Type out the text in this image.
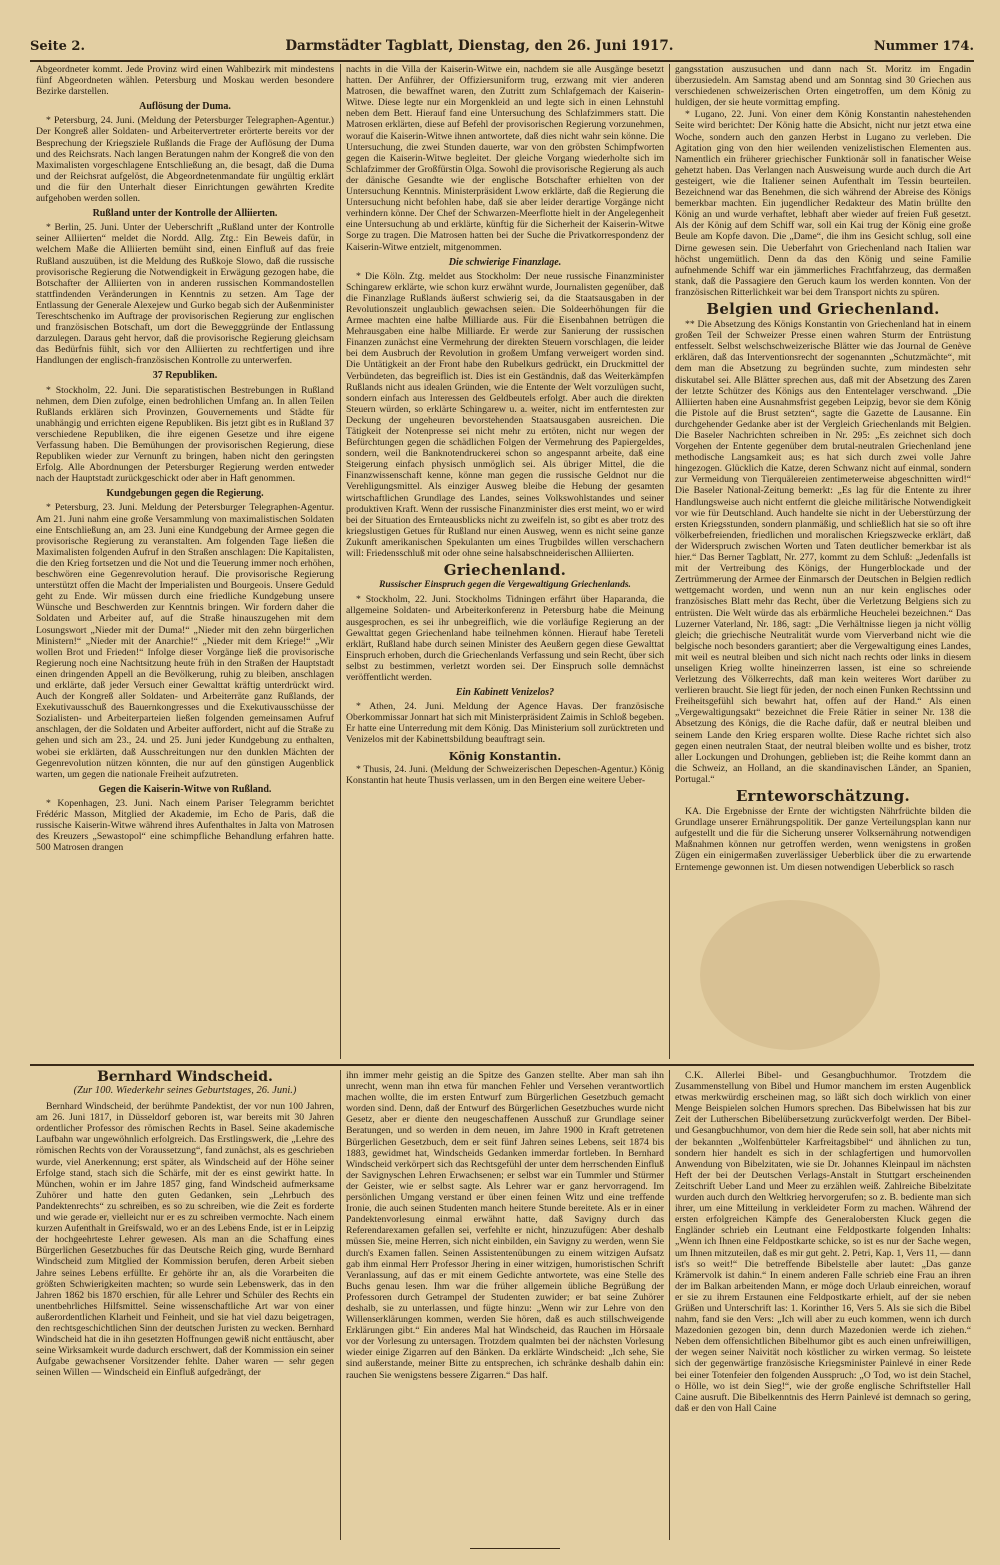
Seite 2.	Darmstädter Tagblatt, Dienstag, den 26. Juni 1917.	Nummer 174.

Abgeordneter kommt. Jede Provinz wird einen Wahlbezirk mit mindestens fünf Abgeordneten wählen. Petersburg und Moskau werden besondere Bezirke darstellen.

Auflösung der Duma.

* Petersburg, 24. Juni. (Meldung der Petersburger Telegraphen-Agentur.) Der Kongreß aller Soldaten- und Arbeitervertreter erörterte bereits vor der Besprechung der Kriegsziele Rußlands die Frage der Auflösung der Duma und des Reichsrats. Nach langen Beratungen nahm der Kongreß die von den Maximalisten vorgeschlagene Entschließung an, die besagt, daß die Duma und der Reichsrat aufgelöst, die Abgeordnetenmandate für ungültig erklärt und die für den Unterhalt dieser Einrichtungen gewährten Kredite aufgehoben werden sollen.

Rußland unter der Kontrolle der Alliierten.

* Berlin, 25. Juni. Unter der Ueberschrift „Rußland unter der Kontrolle seiner Alliierten“ meldet die Nordd. Allg. Ztg.: Ein Beweis dafür, in welchem Maße die Alliierten bemüht sind, einen Einfluß auf das freie Rußland auszuüben, ist die Meldung des Rußkoje Slowo, daß die russische provisorische Regierung die Notwendigkeit in Erwägung gezogen habe, die Botschafter der Alliierten von in anderen russischen Kommandostellen stattfindenden Veränderungen in Kenntnis zu setzen. Am Tage der Entlassung der Generale Alexejew und Gurko begab sich der Außenminister Tereschtschenko im Auftrage der provisorischen Regierung zur englischen und französischen Botschaft, um dort die Bewegggründe der Entlassung darzulegen. Daraus geht hervor, daß die provisorische Regierung gleichsam das Bedürfnis fühlt, sich vor den Alliierten zu rechtfertigen und ihre Handlungen der englisch-französischen Kontrolle zu unterwerfen.

37 Republiken.

* Stockholm, 22. Juni. Die separatistischen Bestrebungen in Rußland nehmen, dem Dien zufolge, einen bedrohlichen Umfang an. In allen Teilen Rußlands erklären sich Provinzen, Gouvernements und Städte für unabhängig und errichten eigene Republiken. Bis jetzt gibt es in Rußland 37 verschiedene Republiken, die ihre eigenen Gesetze und ihre eigene Verfassung haben. Die Bemühungen der provisorischen Regierung, diese Republiken wieder zur Vernunft zu bringen, haben nicht den geringsten Erfolg. Alle Abordnungen der Petersburger Regierung werden entweder nach der Hauptstadt zurückgeschickt oder aber in Haft genommen.

Kundgebungen gegen die Regierung.

* Petersburg, 23. Juni. Meldung der Petersburger Telegraphen-Agentur. Am 21. Juni nahm eine große Versammlung von maximalistischen Soldaten eine Entschließung an, am 23. Juni eine Kundgebung der Armee gegen die provisorische Regierung zu veranstalten. Am folgenden Tage ließen die Maximalisten folgenden Aufruf in den Straßen anschlagen: Die Kapitalisten, die den Krieg fortsetzen und die Not und die Teuerung immer noch erhöhen, beschwören eine Gegenrevolution herauf. Die provisorische Regierung unterstützt offen die Macht der Imperialisten und Bourgeois. Unsere Geduld geht zu Ende. Wir müssen durch eine friedliche Kundgebung unsere Wünsche und Beschwerden zur Kenntnis bringen. Wir fordern daher die Soldaten und Arbeiter auf, auf die Straße hinauszugehen mit dem Losungswort „Nieder mit der Duma!“ „Nieder mit den zehn bürgerlichen Ministern!“ „Nieder mit der Anarchie!“ „Nieder mit dem Kriege!“ „Wir wollen Brot und Frieden!“ Infolge dieser Vorgänge ließ die provisorische Regierung noch eine Nachtsitzung heute früh in den Straßen der Hauptstadt einen dringenden Appell an die Bevölkerung, ruhig zu bleiben, anschlagen und erklärte, daß jeder Versuch einer Gewalttat kräftig unterdrückt wird. Auch der Kongreß aller Soldaten- und Arbeiterräte ganz Rußlands, der Exekutivausschuß des Bauernkongresses und die Exekutivausschüsse der Sozialisten- und Arbeiterparteien ließen folgenden gemeinsamen Aufruf anschlagen, der die Soldaten und Arbeiter auffordert, nicht auf die Straße zu gehen und sich am 23., 24. und 25. Juni jeder Kundgebung zu enthalten, wobei sie erklärten, daß Ausschreitungen nur den dunklen Mächten der Gegenrevolution nützen könnten, die nur auf den günstigen Augenblick warten, um gegen die nationale Freiheit aufzutreten.

Gegen die Kaiserin-Witwe von Rußland.

* Kopenhagen, 23. Juni. Nach einem Pariser Telegramm berichtet Frédéric Masson, Mitglied der Akademie, im Echo de Paris, daß die russische Kaiserin-Witwe während ihres Aufenthaltes in Jalta von Matrosen des Kreuzers „Sewastopol“ eine schimpfliche Behandlung erfahren hatte. 500 Matrosen drangen

nachts in die Villa der Kaiserin-Witwe ein, nachdem sie alle Ausgänge besetzt hatten. Der Anführer, der Offiziersuniform trug, erzwang mit vier anderen Matrosen, die bewaffnet waren, den Zutritt zum Schlafgemach der Kaiserin-Witwe. Diese legte nur ein Morgenkleid an und legte sich in einen Lehnstuhl neben dem Bett. Hierauf fand eine Untersuchung des Schlafzimmers statt. Die Matrosen erklärten, diese auf Befehl der provisorischen Regierung vorzunehmen, worauf die Kaiserin-Witwe ihnen antwortete, daß dies nicht wahr sein könne. Die Untersuchung, die zwei Stunden dauerte, war von den gröbsten Schimpfworten gegen die Kaiserin-Witwe begleitet. Der gleiche Vorgang wiederholte sich im Schlafzimmer der Großfürstin Olga. Sowohl die provisorische Regierung als auch der dänische Gesandte wie der englische Botschafter erhielten von der Untersuchung Kenntnis. Ministerpräsident Lwow erklärte, daß die Regierung die Untersuchung nicht befohlen habe, daß sie aber leider derartige Vorgänge nicht verhindern könne. Der Chef der Schwarzen-Meerflotte hielt in der Angelegenheit eine Untersuchung ab und erklärte, künftig für die Sicherheit der Kaiserin-Witwe Sorge zu tragen. Die Matrosen hatten bei der Suche die Privatkorrespondenz der Kaiserin-Witwe entzielt, mitgenommen.

Die schwierige Finanzlage.

* Die Köln. Ztg. meldet aus Stockholm: Der neue russische Finanzminister Schingarew erklärte, wie schon kurz erwähnt wurde, Journalisten gegenüber, daß die Finanzlage Rußlands äußerst schwierig sei, da die Staatsausgaben in der Revolutionszeit unglaublich gewachsen seien. Die Soldeerhöhungen für die Armee machten eine halbe Milliarde aus. Für die Eisenbahnen betrügen die Mehrausgaben eine halbe Milliarde. Er werde zur Sanierung der russischen Finanzen zunächst eine Vermehrung der direkten Steuern vorschlagen, die leider bei dem Ausbruch der Revolution in großem Umfang verweigert worden sind. Die Untätigkeit an der Front habe den Rubelkurs gedrückt, ein Druckmittel der Verbündeten, das begreiflich ist. Dies ist ein Geständnis, daß das Weiterkämpfen Rußlands nicht aus idealen Gründen, wie die Entente der Welt vorzulügen sucht, sondern einfach aus Interessen des Geldbeutels erfolgt. Aber auch die direkten Steuern würden, so erklärte Schingarew u. a. weiter, nicht im entferntesten zur Deckung der ungeheuren bevorstehenden Staatsausgaben ausreichen. Die Tätigkeit der Notenpresse sei nicht mehr zu ertöten, nicht nur wegen der Befürchtungen gegen die schädlichen Folgen der Vermehrung des Papiergeldes, sondern, weil die Banknotendruckerei schon so angespannt arbeite, daß eine Steigerung einfach physisch unmöglich sei. Als übriger Mittel, die die Finanzwissenschaft kenne, könne man gegen die russische Geldnot nur die Verehligungsmittel. Als einziger Ausweg bleibe die Hebung der gesamten wirtschaftlichen Grundlage des Landes, seines Volkswohlstandes und seiner produktiven Kraft. Wenn der russische Finanzminister dies erst meint, wo er wird bei der Situation des Ernteausblicks nicht zu zweifeln ist, so gibt es aber trotz des kriegslustigen Getues für Rußland nur einen Ausweg, wenn es nicht seine ganze Zukunft amerikanischen Spekulanten um eines Trugbildes willen verschachern will: Friedensschluß mit oder ohne seine halsabschneiderischen Alliierten.

Griechenland.
Russischer Einspruch gegen die Vergewaltigung Griechenlands.

* Stockholm, 22. Juni. Stockholms Tidningen erfährt über Haparanda, die allgemeine Soldaten- und Arbeiterkonferenz in Petersburg habe die Meinung ausgesprochen, es sei ihr unbegreiflich, wie die vorläufige Regierung an der Gewalttat gegen Griechenland habe teilnehmen können. Hierauf habe Tereteli erklärt, Rußland habe durch seinen Minister des Aeußern gegen diese Gewalttat Einspruch erhoben, durch die Griechenlands Verfassung und sein Recht, über sich selbst zu bestimmen, verletzt worden sei. Der Einspruch solle demnächst veröffentlicht werden.

Ein Kabinett Venizelos?

* Athen, 24. Juni. Meldung der Agence Havas. Der französische Oberkommissar Jonnart hat sich mit Ministerpräsident Zaimis in Schloß begeben. Er hatte eine Unterredung mit dem König. Das Ministerium soll zurücktreten und Venizelos mit der Kabinettsbildung beauftragt sein.

König Konstantin.

* Thusis, 24. Juni. (Meldung der Schweizerischen Depeschen-Agentur.) König Konstantin hat heute Thusis verlassen, um in den Bergen eine weitere Ueber-

gangsstation auszusuchen und dann nach St. Moritz im Engadin überzusiedeln. Am Samstag abend und am Sonntag sind 30 Griechen aus verschiedenen schweizerischen Orten eingetroffen, um dem König zu huldigen, der sie heute vormittag empfing.

* Lugano, 22. Juni. Von einer dem König Konstantin nahestehenden Seite wird berichtet: Der König hatte die Absicht, nicht nur jetzt etwa eine Woche, sondern auch den ganzen Herbst in Lugano zu verleben. Die Agitation ging von den hier weilenden venizelistischen Elementen aus. Namentlich ein früherer griechischer Funktionär soll in fanatischer Weise gehetzt haben. Das Verlangen nach Ausweisung wurde auch durch die Art gesteigert, wie die Italiener seinen Aufenthalt im Tessin beurteilen. Bezeichnend war das Benehmen, die sich während der Abreise des Königs bemerkbar machten. Ein jugendlicher Redakteur des Matin brüllte den König an und wurde verhaftet, lebhaft aber wieder auf freien Fuß gesetzt. Als der König auf dem Schiff war, soll ein Kai trug der König eine große Beule am Kopfe davon. Die „Dame“, die ihm ins Gesicht schlug, soll eine Dirne gewesen sein. Die Ueberfahrt von Griechenland nach Italien war höchst ungemütlich. Denn da das den König und seine Familie aufnehmende Schiff war ein jämmerliches Frachtfahrzeug, das dermaßen stank, daß die Passagiere den Geruch kaum los werden konnten. Von der französischen Ritterlichkeit war bei dem Transport nichts zu spüren.

Belgien und Griechenland.

** Die Absetzung des Königs Konstantin von Griechenland hat in einem großen Teil der Schweizer Presse einen wahren Sturm der Entrüstung entfesselt. Selbst welschschweizerische Blätter wie das Journal de Genève erklären, daß das Interventionsrecht der sogenannten „Schutzmächte“, mit dem man die Absetzung zu begründen suchte, zum mindesten sehr diskutabel sei. Alle Blätter sprechen aus, daß mit der Absetzung des Zaren der letzte Schützer des Königs aus den Ententelager verschwand. „Die Alliierten haben eine Ausnahmsfrist gegeben Leipzig, bevor sie dem König die Pistole auf die Brust setzten“, sagte die Gazette de Lausanne. Ein durchgehender Gedanke aber ist der Vergleich Griechenlands mit Belgien. Die Baseler Nachrichten schreiben in Nr. 295: „Es zeichnet sich doch Vorgehen der Entente gegenüber dem brutal-neutralen Griechenland jene methodische Langsamkeit aus; es hat sich durch zwei volle Jahre hingezogen. Glücklich die Katze, deren Schwanz nicht auf einmal, sondern zur Vermeidung von Tierquälereien zentimeterweise abgeschnitten wird!“ Die Baseler National-Zeitung bemerkt: „Es lag für die Entente zu ihrer Handlungsweise auch nicht entfernt die gleiche militärische Notwendigkeit vor wie für Deutschland. Auch handelte sie nicht in der Ueberstürzung der ersten Kriegsstunden, sondern planmäßig, und schließlich hat sie so oft ihre völkerbefreienden, friedlichen und moralischen Kriegszwecke erklärt, daß der Widerspruch zwischen Worten und Taten deutlicher bemerkbar ist als hier.“ Das Berner Tagblatt, Nr. 277, kommt zu dem Schluß: „Jedenfalls ist mit der Vertreibung des Königs, der Hungerblockade und der Zertrümmerung der Armee der Einmarsch der Deutschen in Belgien redlich wettgemacht worden, und wenn nun an nur kein englisches oder französisches Blatt mehr das Recht, über die Verletzung Belgiens sich zu entrüsten. Die Welt würde das als erbärmliche Heuchelei bezeichnen.“ Das Luzerner Vaterland, Nr. 186, sagt: „Die Verhältnisse liegen ja nicht völlig gleich; die griechische Neutralität wurde vom Vierverband nicht wie die belgische noch besonders garantiert; aber die Vergewaltigung eines Landes, mit weil es neutral bleiben und sich nicht nach rechts oder links in diesem unseligen Krieg wollte hineinzerren lassen, ist eine so schreiende Verletzung des Völkerrechts, daß man kein weiteres Wort darüber zu verlieren braucht. Sie liegt für jeden, der noch einen Funken Rechtssinn und Freiheitsgefühl sich bewahrt hat, offen auf der Hand.“ Als einen „Vergewaltigungsakt“ bezeichnet die Freie Rätier in seiner Nr. 138 die Absetzung des Königs, die die Rache dafür, daß er neutral bleiben und seinem Lande den Krieg ersparen wollte. Diese Rache richtet sich also gegen einen neutralen Staat, der neutral bleiben wollte und es bisher, trotz aller Lockungen und Drohungen, geblieben ist; die Reihe kommt dann an die Schweiz, an Holland, an die skandinavischen Länder, an Spanien, Portugal.“

Ernteworschätzung.

KA. Die Ergebnisse der Ernte der wichtigsten Nährfrüchte bilden die Grundlage unserer Ernährungspolitik. Der ganze Verteilungsplan kann nur aufgestellt und die für die Sicherung unserer Volksernährung notwendigen Maßnahmen können nur getroffen werden, wenn wenigstens in großen Zügen ein einigermaßen zuverlässiger Ueberblick über die zu erwartende Erntemenge gewonnen ist. Um diesen notwendigen Ueberblick so rasch

Bernhard Windscheid.
(Zur 100. Wiederkehr seines Geburtstages, 26. Juni.)

Bernhard Windscheid, der berühmte Pandektist, der vor nun 100 Jahren, am 26. Juni 1817, in Düsseldorf geboren ist, war bereits mit 30 Jahren ordentlicher Professor des römischen Rechts in Basel. Seine akademische Laufbahn war ungewöhnlich erfolgreich. Das Erstlingswerk, die „Lehre des römischen Rechts von der Voraussetzung“, fand zunächst, als es geschrieben wurde, viel Anerkennung; erst später, als Windscheid auf der Höhe seiner Erfolge stand, stach sich die Schärfe, mit der es einst gewirkt hatte. In München, wohin er im Jahre 1857 ging, fand Windscheid aufmerksame Zuhörer und hatte den guten Gedanken, sein „Lehrbuch des Pandektenrechts“ zu schreiben, es so zu schreiben, wie die Zeit es forderte und wie gerade er, vielleicht nur er es zu schreiben vermochte. Nach einem kurzen Aufenthalt in Greifswald, wo er an des Lebens Ende, ist er in Leipzig der hochgeehrteste Lehrer gewesen. Als man an die Schaffung eines Bürgerlichen Gesetzbuches für das Deutsche Reich ging, wurde Bernhard Windscheid zum Mitglied der Kommission berufen, deren Arbeit sieben Jahre seines Lebens erfüllte. Er gehörte ihr an, als die Vorarbeiten die größten Schwierigkeiten machten; so wurde sein Lebenswerk, das in den Jahren 1862 bis 1870 erschien, für alle Lehrer und Schüler des Rechts ein unentbehrliches Hilfsmittel. Seine wissenschaftliche Art war von einer außerordentlichen Klarheit und Feinheit, und sie hat viel dazu beigetragen, den rechtsgeschichtlichen Sinn der deutschen Juristen zu wecken. Bernhard Windscheid hat die in ihn gesetzten Hoffnungen gewiß nicht enttäuscht, aber seine Wirksamkeit wurde dadurch erschwert, daß der Kommission ein seiner Aufgabe gewachsener Vorsitzender fehlte. Daher waren — sehr gegen seinen Willen — Windscheid ein Einfluß aufgedrängt, der

ihn immer mehr geistig an die Spitze des Ganzen stellte. Aber man sah ihn unrecht, wenn man ihn etwa für manchen Fehler und Versehen verantwortlich machen wollte, die im ersten Entwurf zum Bürgerlichen Gesetzbuch gemacht worden sind. Denn, daß der Entwurf des Bürgerlichen Gesetzbuches wurde nicht Gesetz, aber er diente den neugeschaffenen Ausschuß zur Grundlage seiner Beratungen, und so werden in dem neuen, im Jahre 1900 in Kraft getretenen Bürgerlichen Gesetzbuch, dem er seit fünf Jahren seines Lebens, seit 1874 bis 1883, gewidmet hat, Windscheids Gedanken immerdar fortleben. In Bernhard Windscheid verkörpert sich das Rechtsgefühl der unter dem herrschenden Einfluß der Savignyschen Lehren Erwachsenen; er selbst war ein Tummler und Stürmer der Geister, wie er selbst sagte. Als Lehrer war er ganz hervorragend. Im persönlichen Umgang verstand er über einen feinen Witz und eine treffende Ironie, die auch seinen Studenten manch heitere Stunde bereitete. Als er in einer Pandektenvorlesung einmal erwähnt hatte, daß Savigny durch das Referendarexamen gefallen sei, verfehlte er nicht, hinzuzufügen: Aber deshalb müssen Sie, meine Herren, sich nicht einbilden, ein Savigny zu werden, wenn Sie durch's Examen fallen. Seinen Assistentenübungen zu einem witzigen Aufsatz gab ihm einmal Herr Professor Jhering in einer witzigen, humoristischen Schrift Veranlassung, auf das er mit einem Gedichte antwortete, was eine Stelle des Buchs genau lesen. Ihm war die früher allgemein übliche Begrüßung der Professoren durch Getrampel der Studenten zuwider; er bat seine Zuhörer deshalb, sie zu unterlassen, und fügte hinzu: „Wenn wir zur Lehre von den Willenserklärungen kommen, werden Sie hören, daß es auch stillschweigende Erklärungen gibt.“ Ein anderes Mal hat Windscheid, das Rauchen im Hörsaale vor der Vorlesung zu untersagen. Trotzdem qualmten bei der nächsten Vorlesung wieder einige Zigarren auf den Bänken. Da erklärte Windscheid: „Ich sehe, Sie sind außerstande, meiner Bitte zu entsprechen, ich schränke deshalb dahin ein: rauchen Sie wenigstens bessere Zigarren.“ Das half.

C.K. Allerlei Bibel- und Gesangbuchhumor. Trotzdem die Zusammenstellung von Bibel und Humor manchem im ersten Augenblick etwas merkwürdig erscheinen mag, so läßt sich doch wirklich von einer Menge Beispielen solchen Humors sprechen. Das Bibelwissen hat bis zur Zeit der Lutherschen Bibelübersetzung zurückverfolgt werden. Der Bibel- und Gesangbuchhumor, von dem hier die Rede sein soll, hat aber nichts mit der bekannten „Wolfenbütteler Karfreitagsbibel“ und ähnlichen zu tun, sondern hier handelt es sich in der schlagfertigen und humorvollen Anwendung von Bibelzitaten, wie sie Dr. Johannes Kleinpaul im nächsten Heft der bei der Deutschen Verlags-Anstalt in Stuttgart erscheinenden Zeitschrift Ueber Land und Meer zu erzählen weiß. Zahlreiche Bibelzitate wurden auch durch den Weltkrieg hervorgerufen; so z. B. bediente man sich ihrer, um eine Mitteilung in verkleideter Form zu machen. Während der ersten erfolgreichen Kämpfe des Generalobersten Kluck gegen die Engländer schrieb ein Leutnant eine Feldpostkarte folgenden Inhalts: „Wenn ich Ihnen eine Feldpostkarte schicke, so ist es nur der Sache wegen, um Ihnen mitzuteilen, daß es mir gut geht. 2. Petri, Kap. 1, Vers 11, — dann ist's so weit!“ Die betreffende Bibelstelle aber lautet: „Das ganze Krämervolk ist dahin.“ In einem anderen Falle schrieb eine Frau an ihren der im Balkan arbeitenden Mann, er möge doch Urlaub einreichen, worauf er sie zu ihrem Erstaunen eine Feldpostkarte erhielt, auf der sie neben Grüßen und Unterschrift las: 1. Korinther 16, Vers 5. Als sie sich die Bibel nahm, fand sie den Vers: „Ich will aber zu euch kommen, wenn ich durch Mazedonien gezogen bin, denn durch Mazedonien werde ich ziehen.“ Neben dem offensichtlichen Bibelhumor gibt es auch einen unfreiwilligen, der wegen seiner Naivität noch köstlicher zu wirken vermag. So leistete sich der gegenwärtige französische Kriegsminister Painlevé in einer Rede bei einer Totenfeier den folgenden Ausspruch: „O Tod, wo ist dein Stachel, o Hölle, wo ist dein Sieg!“, wie der große englische Schriftsteller Hall Caine ausruft. Die Bibelkenntnis des Herrn Painlevé ist demnach so gering, daß er den von Hall Caine
